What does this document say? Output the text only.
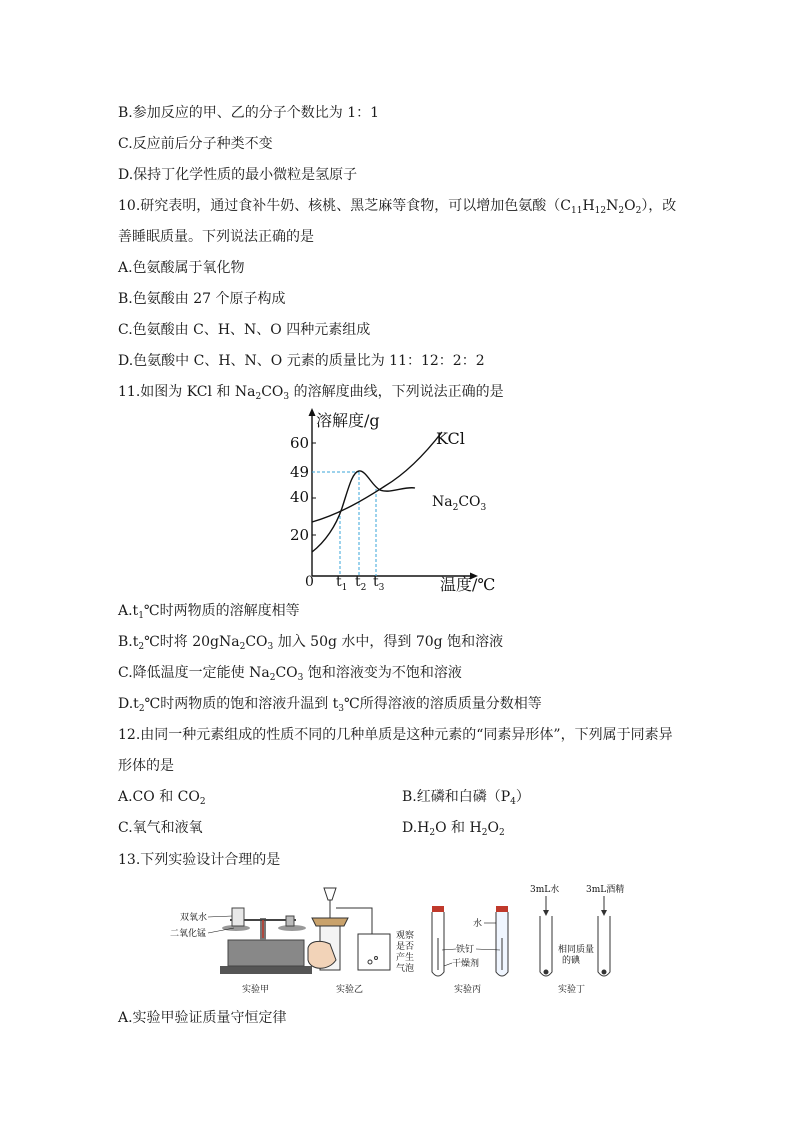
B.参加反应的甲、乙的分子个数比为 1：1
C.反应前后分子种类不变
D.保持丁化学性质的最小微粒是氢原子
10.研究表明，通过食补牛奶、核桃、黑芝麻等食物，可以增加色氨酸$(C_{11}H_{12}N_2O_2)$，改
善睡眠质量。下列说法正确的是
A.色氨酸属于氧化物
B.色氨酸由 27 个原子构成
C.色氨酸由 C、H、N、O 四种元素组成
D.色氨酸中 C、H、N、O 元素的质量比为 11：12：2：2
11.如图为 KCl 和 $Na_2CO_3$ 的溶解度曲线，下列说法正确的是
溶解度/g
温度/℃
0
60
49
40
20
KCl
$Na_2CO_3$
$t_1$ $t_2$ $t_3$
$A.t_1℃$时两物质的溶解度相等
$B.t_2℃$时将 $20gNa_2CO_3$ 加入 50g 水中，得到 70g 饱和溶液
C.降低温度一定能使 $Na_2CO_3$ 饱和溶液变为不饱和溶液
$D.t_2℃$时两物质的饱和溶液升温到 $t_3℃$所得溶液的溶质质量分数相等
12.由同一种元素组成的性质不同的几种单质是这种元素的“同素异形体”，下列属于同素异
形体的是
A.CO 和 $CO_2$	B.红磷和白磷$(P_4)$
C.氧气和液氧	$D.H_2O$ 和 $H_2O_2$
13.下列实验设计合理的是
双氧水
二氧化锰
实验甲
观察
是否
产生
气泡
实验乙
水
铁钉
干燥剂
实验丙
3mL水	3mL酒精
相同质量
的碘
实验丁
A.实验甲验证质量守恒定律
